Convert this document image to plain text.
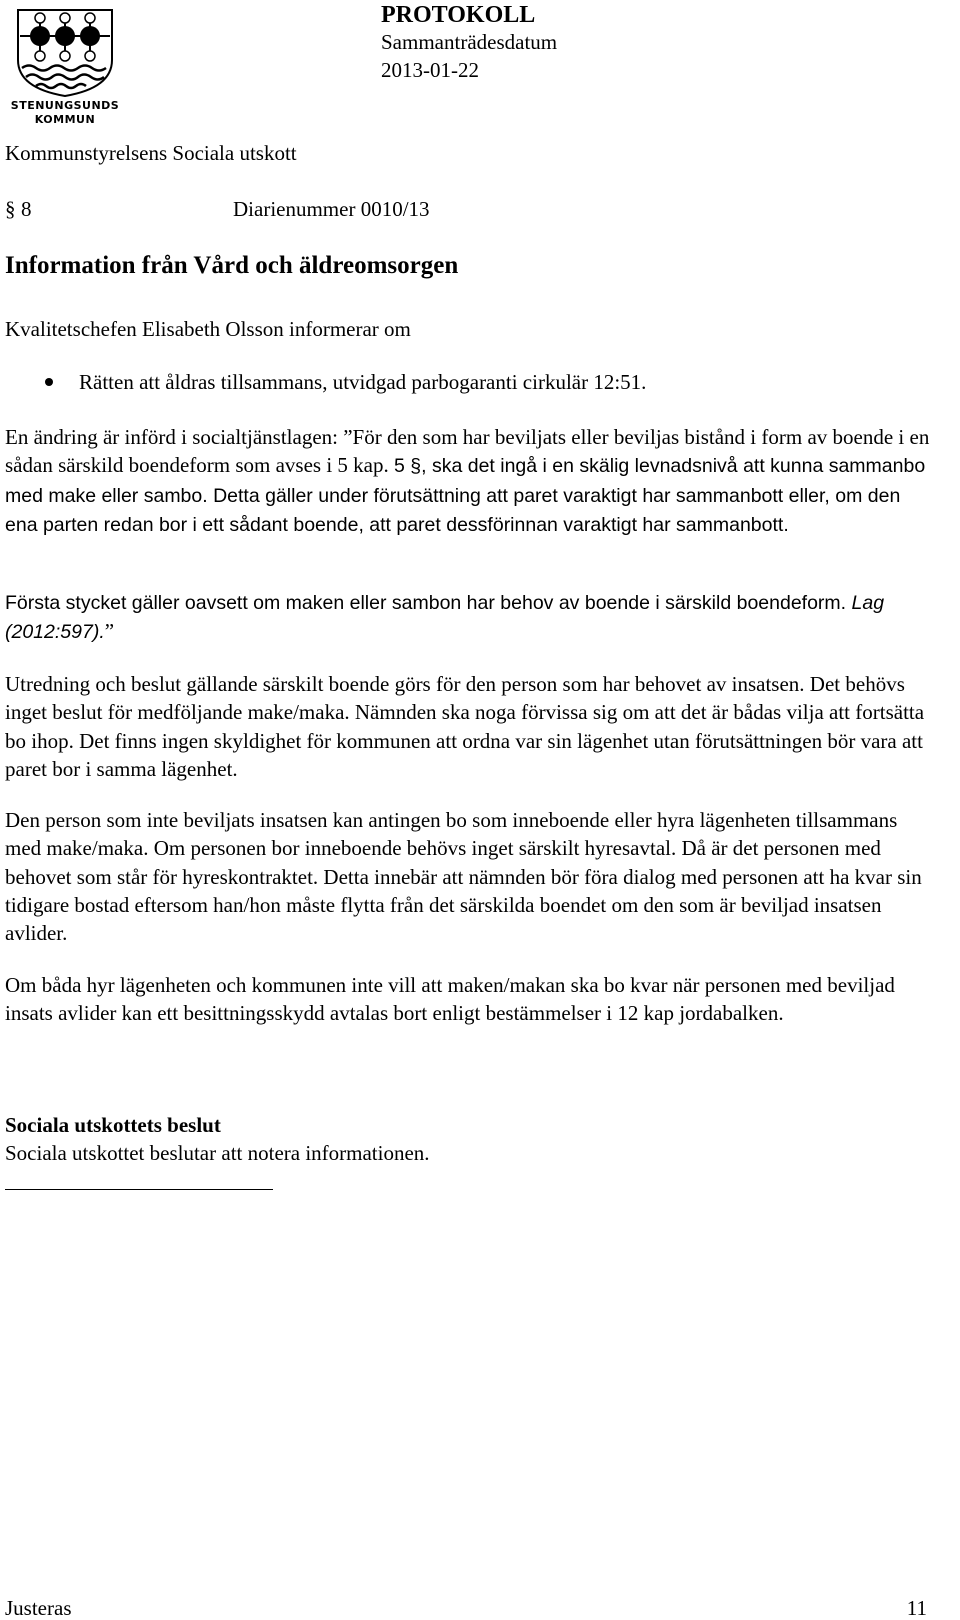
STENUNGSUNDS
KOMMUN
PROTOKOLL
Sammanträdesdatum
2013-01-22
Kommunstyrelsens Sociala utskott
§ 8	Diarienummer 0010/13
Information från Vård och äldreomsorgen
Kvalitetschefen Elisabeth Olsson informerar om
Rätten att åldras tillsammans, utvidgad parbogaranti cirkulär 12:51.

En ändring är införd i socialtjänstlagen: ”För den som har beviljats eller beviljas bistånd i form av boende i en sådan särskild boendeform som avses i 5 kap. 5 §, ska det ingå i en skälig levnadsnivå att kunna sammanbo med make eller sambo. Detta gäller under förutsättning att paret varaktigt har sammanbott eller, om den ena parten redan bor i ett sådant boende, att paret dessförinnan varaktigt har sammanbott.

Första stycket gäller oavsett om maken eller sambon har behov av boende i särskild boendeform. Lag (2012:597).”

Utredning och beslut gällande särskilt boende görs för den person som har behovet av insatsen. Det behövs inget beslut för medföljande make/maka. Nämnden ska noga förvissa sig om att det är bådas vilja att fortsätta bo ihop. Det finns ingen skyldighet för kommunen att ordna var sin lägenhet utan förutsättningen bör vara att paret bor i samma lägenhet.

Den person som inte beviljats insatsen kan antingen bo som inneboende eller hyra lägenheten tillsammans med make/maka. Om personen bor inneboende behövs inget särskilt hyresavtal. Då är det personen med behovet som står för hyreskontraktet. Detta innebär att nämnden bör föra dialog med personen att ha kvar sin tidigare bostad eftersom han/hon måste flytta från det särskilda boendet om den som är beviljad insatsen avlider.

Om båda hyr lägenheten och kommunen inte vill att maken/makan ska bo kvar när personen med beviljad insats avlider kan ett besittningsskydd avtalas bort enligt bestämmelser i 12 kap jordabalken.

Sociala utskottets beslut
Sociala utskottet beslutar att notera informationen.
Justeras	11
